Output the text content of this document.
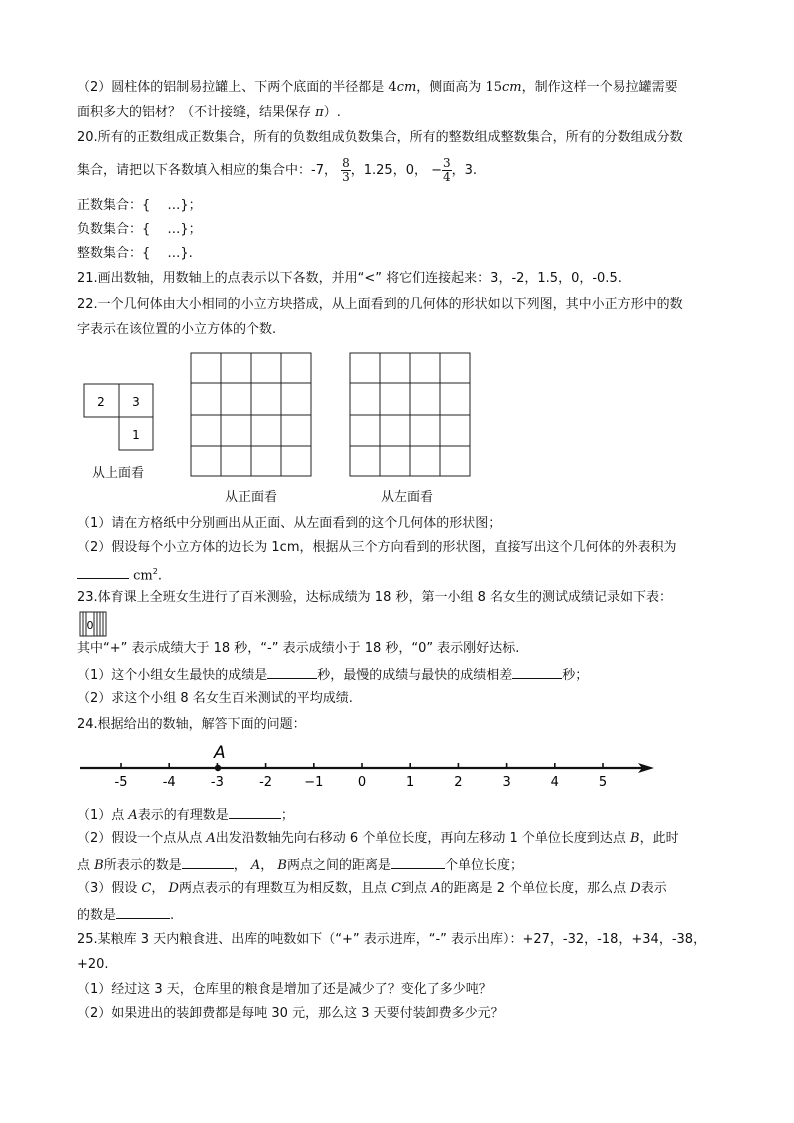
（2）圆柱体的铝制易拉罐上、下两个底面的半径都是 4cm，侧面高为 15cm，制作这样一个易拉罐需要
面积多大的铝材？（不计接缝，结果保存 π）.
20.所有的正数组成正数集合，所有的负数组成负数集合，所有的整数组成整数集合，所有的分数组成分数
集合，请把以下各数填入相应的集合中：-7， $\frac{8}{3}$ ，1.25，0， − $\frac{3}{4}$ ，3.
正数集合：{　 …}；
负数集合：{　 …}；
整数集合：{　 …}.
21.画出数轴，用数轴上的点表示以下各数，并用“<” 将它们连接起来：3，-2，1.5，0，-0.5.
22.一个几何体由大小相同的小立方块搭成，从上面看到的几何体的形状如以下列图，其中小正方形中的数
字表示在该位置的小立方体的个数.
2 3
1
从上面看
从正面看	从左面看
（1）请在方格纸中分别画出从正面、从左面看到的这个几何体的形状图；
（2）假设每个小立方体的边长为 1cm，根据从三个方向看到的形状图，直接写出这个几何体的外表积为
$cm^2$.
23.体育课上全班女生进行了百米测验，达标成绩为 18 秒，第一小组 8 名女生的测试成绩记录如下表：
0
其中“+” 表示成绩大于 18 秒，“-” 表示成绩小于 18 秒，“0” 表示刚好达标.
（1）这个小组女生最快的成绩是	秒，最慢的成绩与最快的成绩相差	秒；
（2）求这个小组 8 名女生百米测试的平均成绩.
24.根据给出的数轴，解答下面的问题：
-5	-4	-3	-2 −1	0	1	2	3	4	5
A
（1）点 A表示的有理数是	；
（2）假设一个点从点 A出发沿数轴先向右移动 6 个单位长度，再向左移动 1 个单位长度到达点 B，此时
点 B所表示的数是	， A， B两点之间的距离是	个单位长度；
（3）假设 C， D两点表示的有理数互为相反数，且点 C到点 A的距离是 2 个单位长度，那么点 D表示
的数是	.
25.某粮库 3 天内粮食进、出库的吨数如下（“+” 表示进库，“-” 表示出库）：+27，-32，-18，+34，-38，
+20.
（1）经过这 3 天，仓库里的粮食是增加了还是减少了？变化了多少吨？
（2）如果进出的装卸费都是每吨 30 元，那么这 3 天要付装卸费多少元？
